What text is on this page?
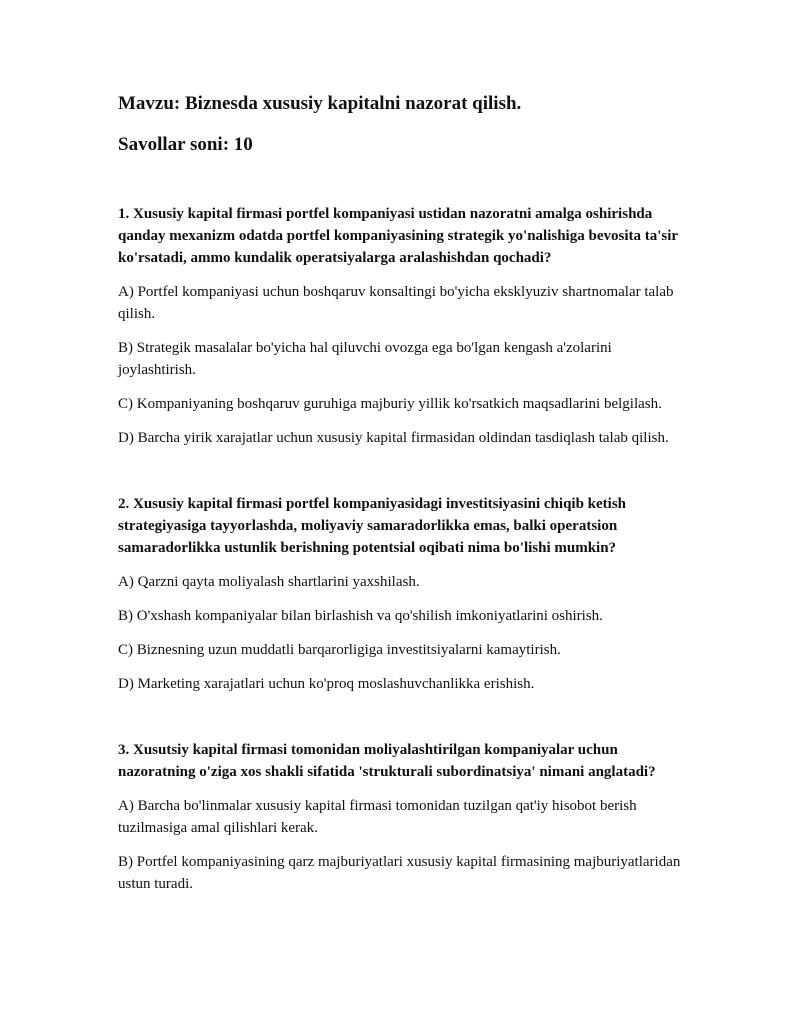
Mavzu: Biznesda xususiy kapitalni nazorat qilish.
Savollar soni: 10
1. Xususiy kapital firmasi portfel kompaniyasi ustidan nazoratni amalga oshirishda qanday mexanizm odatda portfel kompaniyasining strategik yo'nalishiga bevosita ta'sir ko'rsatadi, ammo kundalik operatsiyalarga aralashishdan qochadi?
A) Portfel kompaniyasi uchun boshqaruv konsaltingi bo'yicha eksklyuziv shartnomalar talab qilish.
B) Strategik masalalar bo'yicha hal qiluvchi ovozga ega bo'lgan kengash a'zolarini joylashtirish.
C) Kompaniyaning boshqaruv guruhiga majburiy yillik ko'rsatkich maqsadlarini belgilash.
D) Barcha yirik xarajatlar uchun xususiy kapital firmasidan oldindan tasdiqlash talab qilish.
2. Xususiy kapital firmasi portfel kompaniyasidagi investitsiyasini chiqib ketish strategiyasiga tayyorlashda, moliyaviy samaradorlikka emas, balki operatsion samaradorlikka ustunlik berishning potentsial oqibati nima bo'lishi mumkin?
A) Qarzni qayta moliyalash shartlarini yaxshilash.
B) O'xshash kompaniyalar bilan birlashish va qo'shilish imkoniyatlarini oshirish.
C) Biznesning uzun muddatli barqarorligiga investitsiyalarni kamaytirish.
D) Marketing xarajatlari uchun ko'proq moslashuvchanlikka erishish.
3. Xusutsiy kapital firmasi tomonidan moliyalashtirilgan kompaniyalar uchun nazoratning o'ziga xos shakli sifatida 'strukturali subordinatsiya' nimani anglatadi?
A) Barcha bo'linmalar xususiy kapital firmasi tomonidan tuzilgan qat'iy hisobot berish tuzilmasiga amal qilishlari kerak.
B) Portfel kompaniyasining qarz majburiyatlari xususiy kapital firmasining majburiyatlaridan ustun turadi.
